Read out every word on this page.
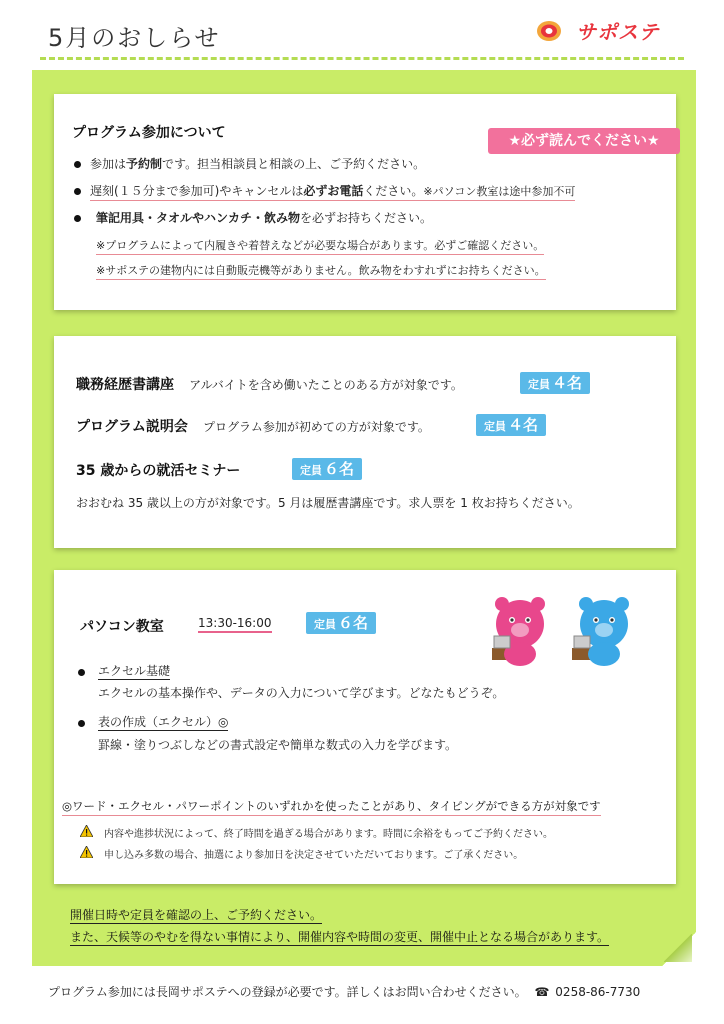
5月のおしらせ	サポステ
プログラム参加について	★必ず読んでください★
参加は予約制です。担当相談員と相談の上、ご予約ください。
遅刻(１５分まで参加可)やキャンセルは必ずお電話ください。※パソコン教室は途中参加不可
筆記用具・タオルやハンカチ・飲み物を必ずお持ちください。
※プログラムによって内履きや着替えなどが必要な場合があります。必ずご確認ください。
※サポステの建物内には自動販売機等がありません。飲み物をわすれずにお持ちください。
職務経歴書講座 アルバイトを含め働いたことのある方が対象です。	定員 ４名
プログラム説明会 プログラム参加が初めての方が対象です。	定員 ４名
35 歳からの就活セミナー	定員 ６名
おおむね 35 歳以上の方が対象です。5 月は履歴書講座です。求人票を 1 枚お持ちください。
パソコン教室	13:30-16:00	定員 ６名
エクセル基礎
エクセルの基本操作や、データの入力について学びます。どなたもどうぞ。
表の作成（エクセル）◎
罫線・塗りつぶしなどの書式設定や簡単な数式の入力を学びます。
◎ワード・エクセル・パワーポイントのいずれかを使ったことがあり、タイピングができる方が対象です
内容や進捗状況によって、終了時間を過ぎる場合があります。時間に余裕をもってご予約ください。
申し込み多数の場合、抽選により参加日を決定させていただいております。ご了承ください。
開催日時や定員を確認の上、ご予約ください。
また、天候等のやむを得ない事情により、開催内容や時間の変更、開催中止となる場合があります。
プログラム参加には長岡サポステへの登録が必要です。詳しくはお問い合わせください。 ☎ 0258-86-7730
